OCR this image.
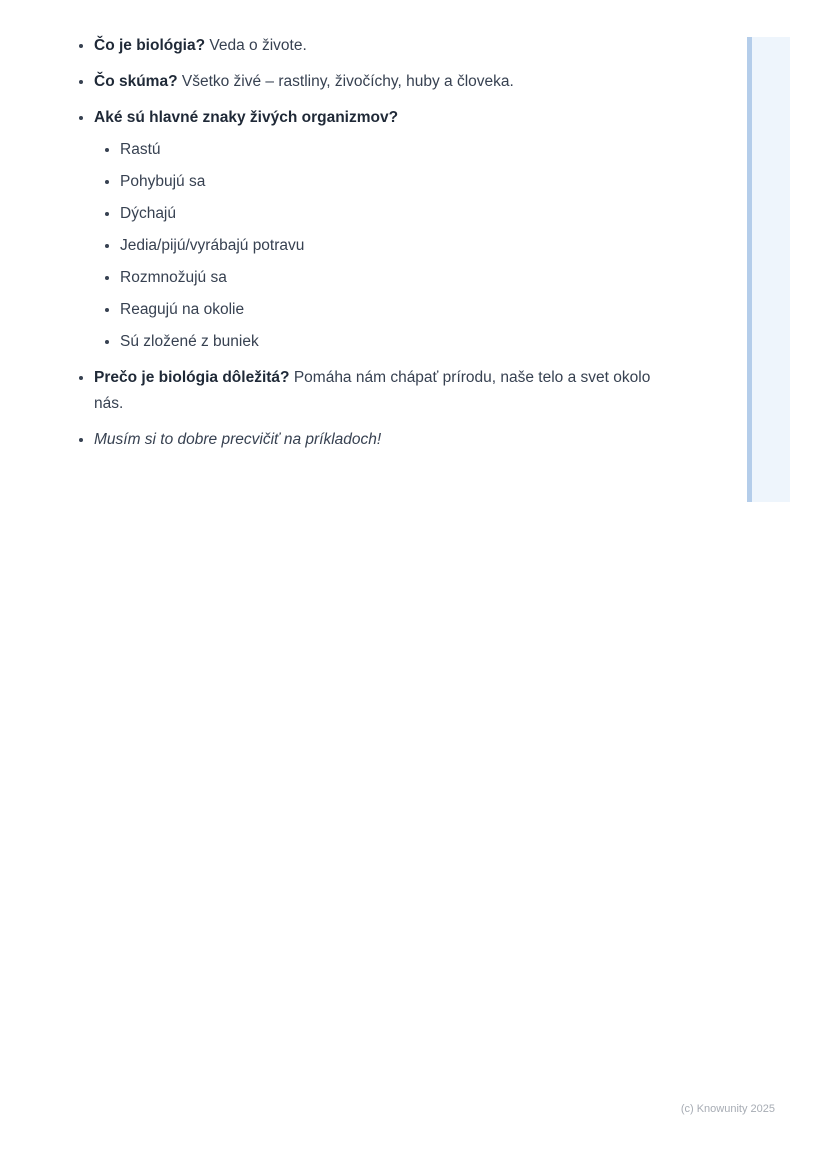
• Čo je biológia? Veda o živote.
• Čo skúma? Všetko živé – rastliny, živočíchy, huby a človeka.
• Aké sú hlavné znaky živých organizmov?
• Rastú
• Pohybujú sa
• Dýchajú
• Jedia/pijú/vyrábajú potravu
• Rozmnožujú sa
• Reagujú na okolie
• Sú zložené z buniek
• Prečo je biológia dôležitá? Pomáha nám chápať prírodu, naše telo a svet okolo nás.
• Musím si to dobre precvičiť na príkladoch!
(c) Knowunity 2025
